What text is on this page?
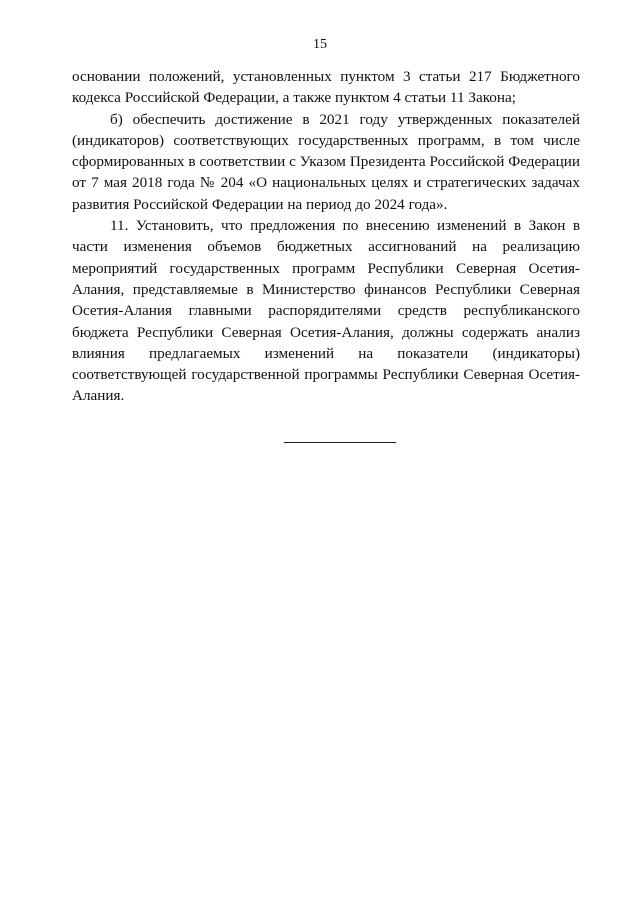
15

основании положений, установленных пунктом 3 статьи 217 Бюджетного кодекса Российской Федерации, а также пунктом 4 статьи 11 Закона;

б) обеспечить достижение в 2021 году утвержденных показателей (индикаторов) соответствующих государственных программ, в том числе сформированных в соответствии с Указом Президента Российской Федерации от 7 мая 2018 года № 204 «О национальных целях и стратегических задачах развития Российской Федерации на период до 2024 года».

11. Установить, что предложения по внесению изменений в Закон в части изменения объемов бюджетных ассигнований на реализацию мероприятий государственных программ Республики Северная Осетия-Алания, представляемые в Министерство финансов Республики Северная Осетия-Алания главными распорядителями средств республиканского бюджета Республики Северная Осетия-Алания, должны содержать анализ влияния предлагаемых изменений на показатели (индикаторы) соответствующей государственной программы Республики Северная Осетия-Алания.
